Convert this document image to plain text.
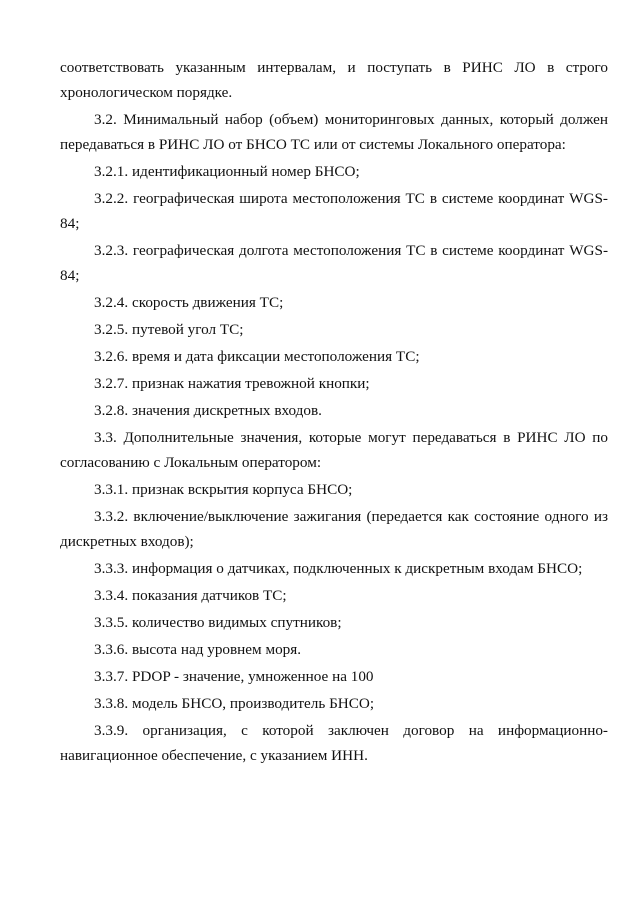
соответствовать указанным интервалам, и поступать в РИНС ЛО в строго хронологическом порядке.

3.2. Минимальный набор (объем) мониторинговых данных, который должен передаваться в РИНС ЛО от БНСО ТС или от системы Локального оператора:

3.2.1. идентификационный номер БНСО;

3.2.2. географическая широта местоположения ТС в системе координат WGS-84;

3.2.3. географическая долгота местоположения ТС в системе координат WGS-84;

3.2.4. скорость движения ТС;

3.2.5. путевой угол ТС;

3.2.6. время и дата фиксации местоположения ТС;

3.2.7. признак нажатия тревожной кнопки;

3.2.8. значения дискретных входов.

3.3. Дополнительные значения, которые могут передаваться в РИНС ЛО по согласованию с Локальным оператором:

3.3.1. признак вскрытия корпуса БНСО;

3.3.2. включение/выключение зажигания (передается как состояние одного из дискретных входов);

3.3.3. информация о датчиках, подключенных к дискретным входам БНСО;

3.3.4. показания датчиков ТС;

3.3.5. количество видимых спутников;

3.3.6. высота над уровнем моря.

3.3.7. PDOP - значение, умноженное на 100

3.3.8. модель БНСО, производитель БНСО;

3.3.9. организация, с которой заключен договор на информационно-навигационное обеспечение, с указанием ИНН.
